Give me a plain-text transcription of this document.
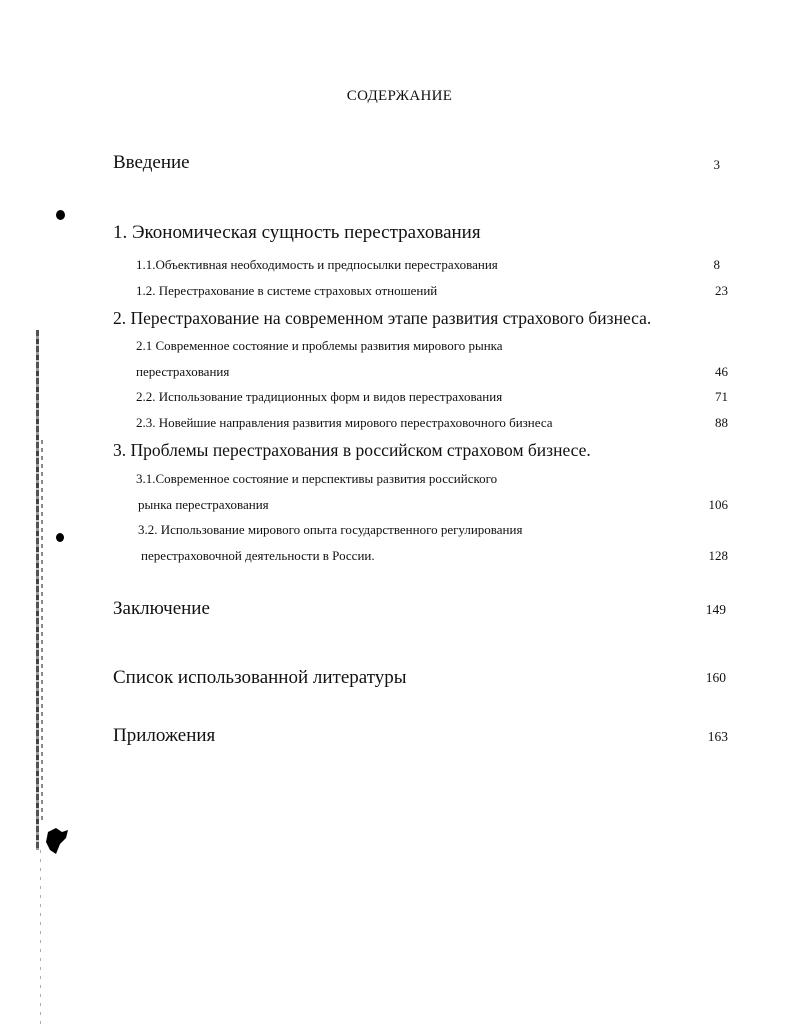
СОДЕРЖАНИЕ
Введение	3
1. Экономическая сущность перестрахования
1.1.Объективная необходимость и предпосылки перестрахования	8
1.2. Перестрахование в системе страховых отношений	23
2. Перестрахование на современном этапе развития страхового бизнеса.
2.1 Современное состояние и проблемы развития мирового рынка
перестрахования	46
2.2. Использование традиционных форм и видов перестрахования	71
2.3. Новейшие направления развития мирового перестраховочного бизнеса	88
3. Проблемы перестрахования в российском страховом бизнесе.
3.1.Современное состояние и перспективы развития российского
рынка перестрахования	106
3.2. Использование мирового опыта государственного регулирования
перестраховочной деятельности в России.	128
Заключение	149
Список использованной литературы	160
Приложения	163
